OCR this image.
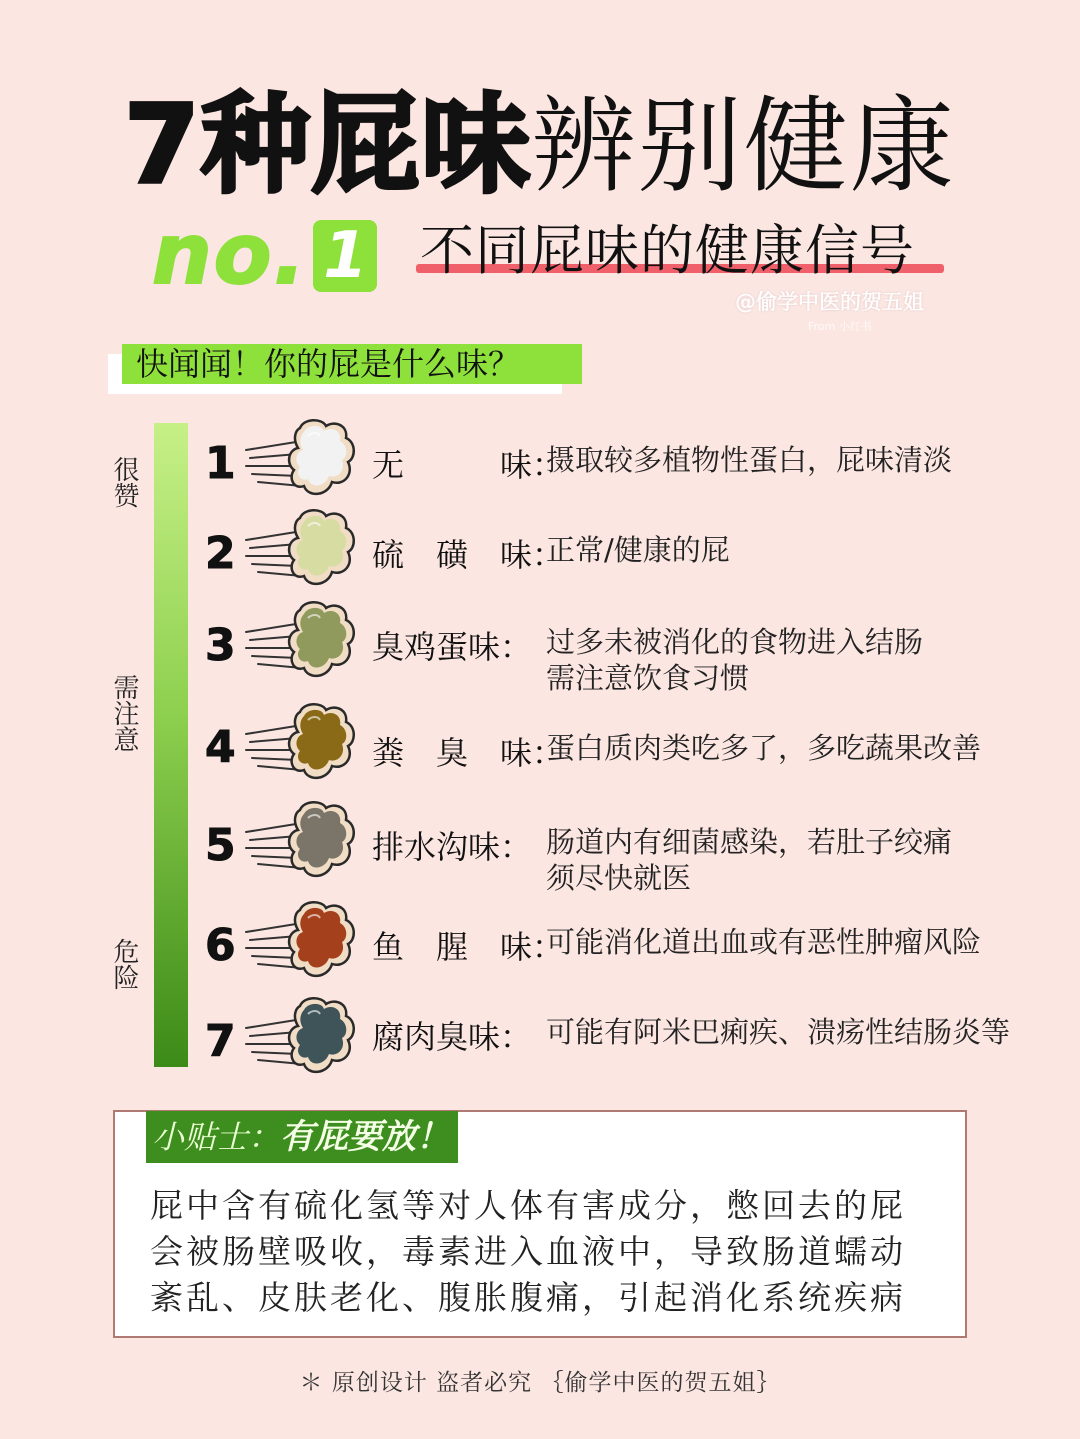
7种屁味辨别健康
no. 1 不同屁味的健康信号
@偷学中医的贺五姐
From 小红书
快闻闻！你的屁是什么味？
很赞
需注意
危险
1	无　　　味：
摄取较多植物性蛋白，屁味清淡
2	硫　磺　味：
正常/健康的屁
3	臭鸡蛋味： 过多未被消化的食物进入结肠
需注意饮食习惯
4	粪　臭　味：
蛋白质肉类吃多了，多吃蔬果改善
5	排水沟味： 肠道内有细菌感染，若肚子绞痛
须尽快就医
6	鱼　腥　味：
可能消化道出血或有恶性肿瘤风险
7	腐肉臭味： 可能有阿米巴痢疾、溃疡性结肠炎等
小贴士：有屁要放！
屁中含有硫化氢等对人体有害成分，憋回去的屁
会被肠壁吸收，毒素进入血液中，导致肠道蠕动
紊乱、皮肤老化、腹胀腹痛，引起消化系统疾病
＊ 原创设计 盗者必究 ｛偷学中医的贺五姐｝
